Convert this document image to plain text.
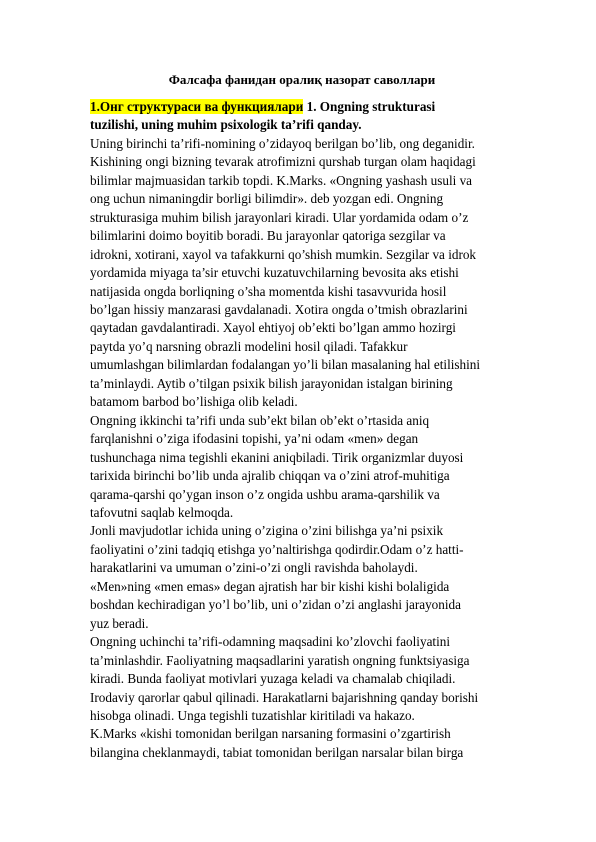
Фалсафа фанидан оралиқ назорат саволлари

1.Онг структураси ва функциялари 1. Ongning strukturasi
tuzilishi, uning muhim psixologik ta’rifi qanday.

Uning birinchi ta’rifi-nomining o’zidayoq berilgan bo’lib, ong deganidir.
Kishining ongi bizning tevarak atrofimizni qurshab turgan olam haqidagi
bilimlar majmuasidan tarkib topdi. K.Marks. «Ongning yashash usuli va
ong uchun nimaningdir borligi bilimdir». deb yozgan edi. Ongning
strukturasiga muhim bilish jarayonlari kiradi. Ular yordamida odam o’z
bilimlarini doimo boyitib boradi. Bu jarayonlar qatoriga sezgilar va
idrokni, xotirani, xayol va tafakkurni qo’shish mumkin. Sezgilar va idrok
yordamida miyaga ta’sir etuvchi kuzatuvchilarning bevosita aks etishi
natijasida ongda borliqning o’sha momentda kishi tasavvurida hosil
bo’lgan hissiy manzarasi gavdalanadi. Xotira ongda o’tmish obrazlarini
qaytadan gavdalantiradi. Xayol ehtiyoj ob’ekti bo’lgan ammo hozirgi
paytda yo’q narsning obrazli modelini hosil qiladi. Tafakkur
umumlashgan bilimlardan fodalangan yo’li bilan masalaning hal etilishini
ta’minlaydi. Aytib o’tilgan psixik bilish jarayonidan istalgan birining
batamom barbod bo’lishiga olib keladi.
Ongning ikkinchi ta’rifi unda sub’ekt bilan ob’ekt o’rtasida aniq
farqlanishni o’ziga ifodasini topishi, ya’ni odam «men» degan
tushunchaga nima tegishli ekanini aniqbiladi. Tirik organizmlar duyosi
tarixida birinchi bo’lib unda ajralib chiqqan va o’zini atrof-muhitiga
qarama-qarshi qo’ygan inson o’z ongida ushbu arama-qarshilik va
tafovutni saqlab kelmoqda.
Jonli mavjudotlar ichida uning o’zigina o’zini bilishga ya’ni psixik
faoliyatini o’zini tadqiq etishga yo’naltirishga qodirdir.Odam o’z hatti-
harakatlarini va umuman o’zini-o’zi ongli ravishda baholaydi.
«Men»ning «men emas» degan ajratish har bir kishi kishi bolaligida
boshdan kechiradigan yo’l bo’lib, uni o’zidan o’zi anglashi jarayonida
yuz beradi.
Ongning uchinchi ta’rifi-odamning maqsadini ko’zlovchi faoliyatini
ta’minlashdir. Faoliyatning maqsadlarini yaratish ongning funktsiyasiga
kiradi. Bunda faoliyat motivlari yuzaga keladi va chamalab chiqiladi.
Irodaviy qarorlar qabul qilinadi. Harakatlarni bajarishning qanday borishi
hisobga olinadi. Unga tegishli tuzatishlar kiritiladi va hakazo.
K.Marks «kishi tomonidan berilgan narsaning formasini o’zgartirish
bilangina cheklanmaydi, tabiat tomonidan berilgan narsalar bilan birga
